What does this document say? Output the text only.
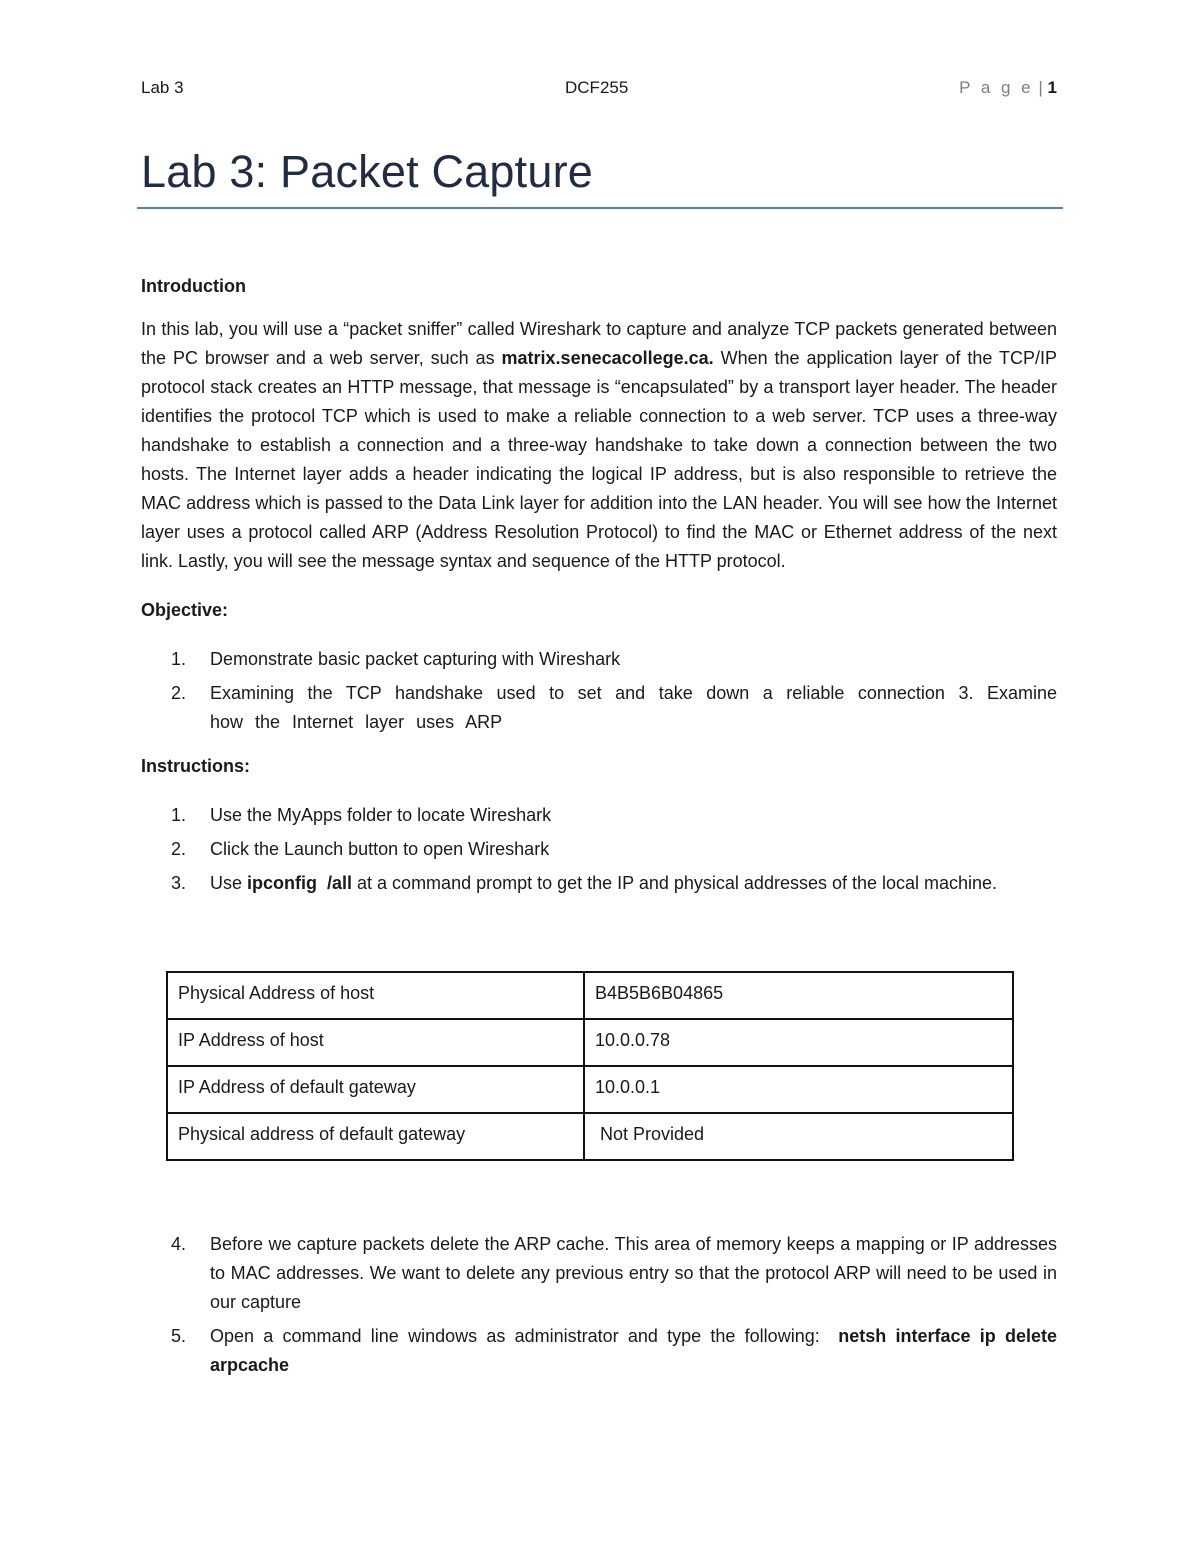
Lab 3	DCF255	P a g e | 1
Lab 3: Packet Capture

Introduction

In this lab, you will use a “packet sniffer” called Wireshark to capture and analyze TCP packets generated between the PC browser and a web server, such as matrix.senecacollege.ca. When the application layer of the TCP/IP protocol stack creates an HTTP message, that message is “encapsulated” by a transport layer header. The header identifies the protocol TCP which is used to make a reliable connection to a web server. TCP uses a three-way handshake to establish a connection and a three-way handshake to take down a connection between the two hosts. The Internet layer adds a header indicating the logical IP address, but is also responsible to retrieve the MAC address which is passed to the Data Link layer for addition into the LAN header. You will see how the Internet layer uses a protocol called ARP (Address Resolution Protocol) to find the MAC or Ethernet address of the next link. Lastly, you will see the message syntax and sequence of the HTTP protocol.

Objective:

1. Demonstrate basic packet capturing with Wireshark
2. Examining the TCP handshake used to set and take down a reliable connection 3. Examine how the Internet layer uses ARP

Instructions:

1. Use the MyApps folder to locate Wireshark
2. Click the Launch button to open Wireshark
3. Use ipconfig  /all at a command prompt to get the IP and physical addresses of the local machine.
Physical Address of host	B4B5B6B04865
IP Address of host	10.0.0.78
IP Address of default gateway	10.0.0.1
Physical address of default gateway	Not Provided
4. Before we capture packets delete the ARP cache. This area of memory keeps a mapping or IP addresses to MAC addresses. We want to delete any previous entry so that the protocol ARP will need to be used in our capture
5. Open a command line windows as administrator and type the following:  netsh interface ip delete arpcache
